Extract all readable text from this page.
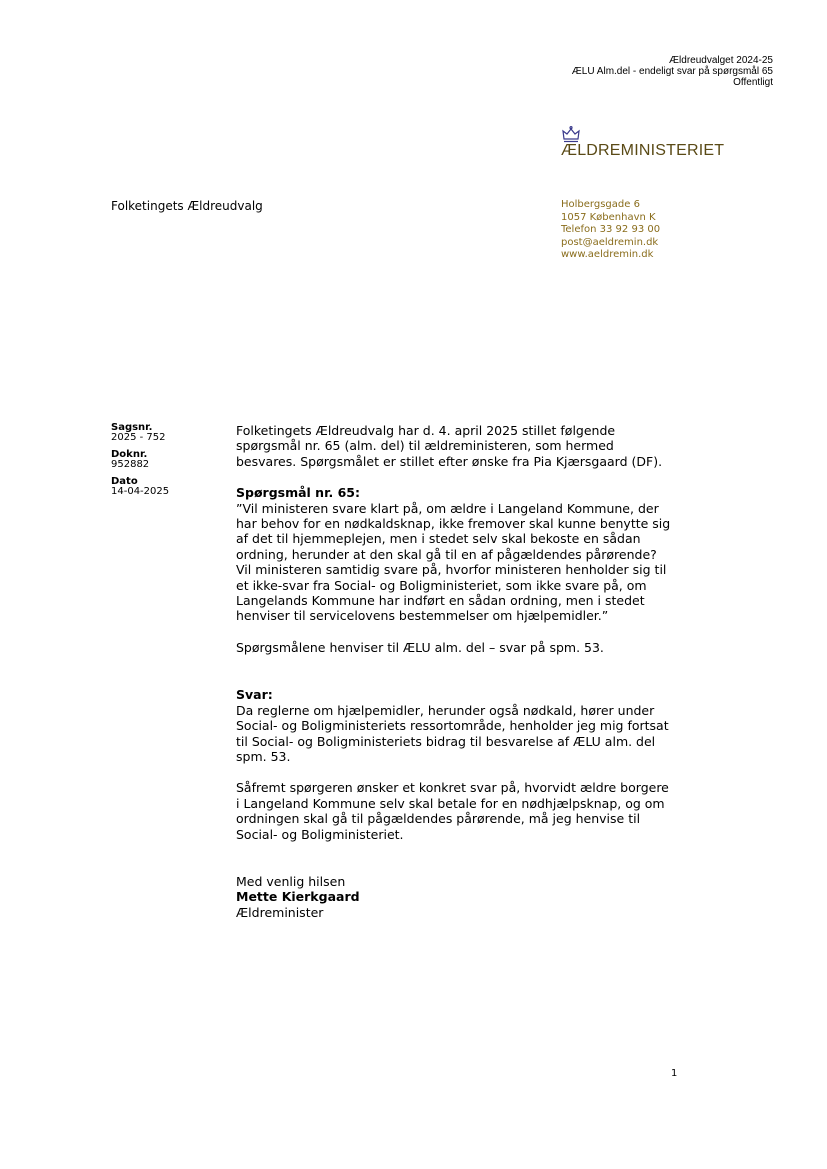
Ældreudvalget 2024-25
ÆLU Alm.del - endeligt svar på spørgsmål 65
Offentligt
ÆLDREMINISTERIET
Folketingets Ældreudvalg	Holbergsgade 6
1057 København K
Telefon 33 92 93 00
post@aeldremin.dk
www.aeldremin.dk
Sagsnr.
2025 - 752
Doknr.
952882
Dato
14-04-2025

Folketingets Ældreudvalg har d. 4. april 2025 stillet følgende
spørgsmål nr. 65 (alm. del) til ældreministeren, som hermed
besvares. Spørgsmålet er stillet efter ønske fra Pia Kjærsgaard (DF).

Spørgsmål nr. 65:

”Vil ministeren svare klart på, om ældre i Langeland Kommune, der
har behov for en nødkaldsknap, ikke fremover skal kunne benytte sig
af det til hjemmeplejen, men i stedet selv skal bekoste en sådan
ordning, herunder at den skal gå til en af pågældendes pårørende?
Vil ministeren samtidig svare på, hvorfor ministeren henholder sig til
et ikke-svar fra Social- og Boligministeriet, som ikke svare på, om
Langelands Kommune har indført en sådan ordning, men i stedet
henviser til servicelovens bestemmelser om hjælpemidler.”

Spørgsmålene henviser til ÆLU alm. del – svar på spm. 53.

Svar:

Da reglerne om hjælpemidler, herunder også nødkald, hører under
Social- og Boligministeriets ressortområde, henholder jeg mig fortsat
til Social- og Boligministeriets bidrag til besvarelse af ÆLU alm. del
spm. 53.

Såfremt spørgeren ønsker et konkret svar på, hvorvidt ældre borgere
i Langeland Kommune selv skal betale for en nødhjælpsknap, og om
ordningen skal gå til pågældendes pårørende, må jeg henvise til
Social- og Boligministeriet.

Med venlig hilsen

Mette Kierkgaard

Ældreminister

1
